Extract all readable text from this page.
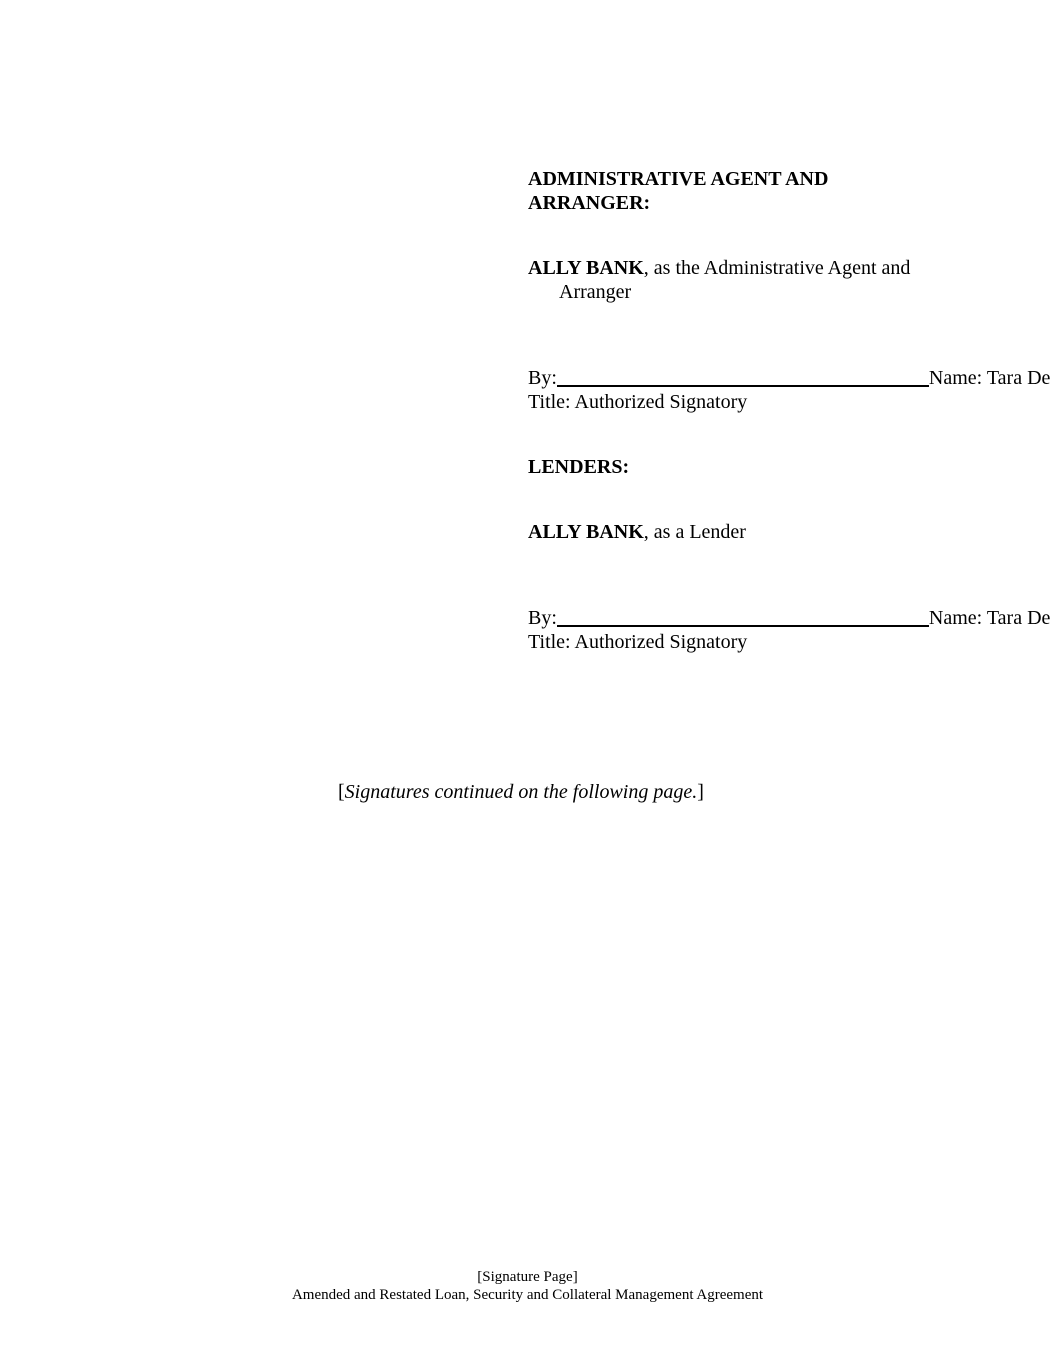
ADMINISTRATIVE AGENT AND
ARRANGER:
ALLY BANK, as the Administrative Agent and
Arranger
By:	Name: Tara De
Title: Authorized Signatory
LENDERS:
ALLY BANK, as a Lender
By:	Name: Tara De
Title: Authorized Signatory
[Signatures continued on the following page.]
[Signature Page]
Amended and Restated Loan, Security and Collateral Management Agreement
